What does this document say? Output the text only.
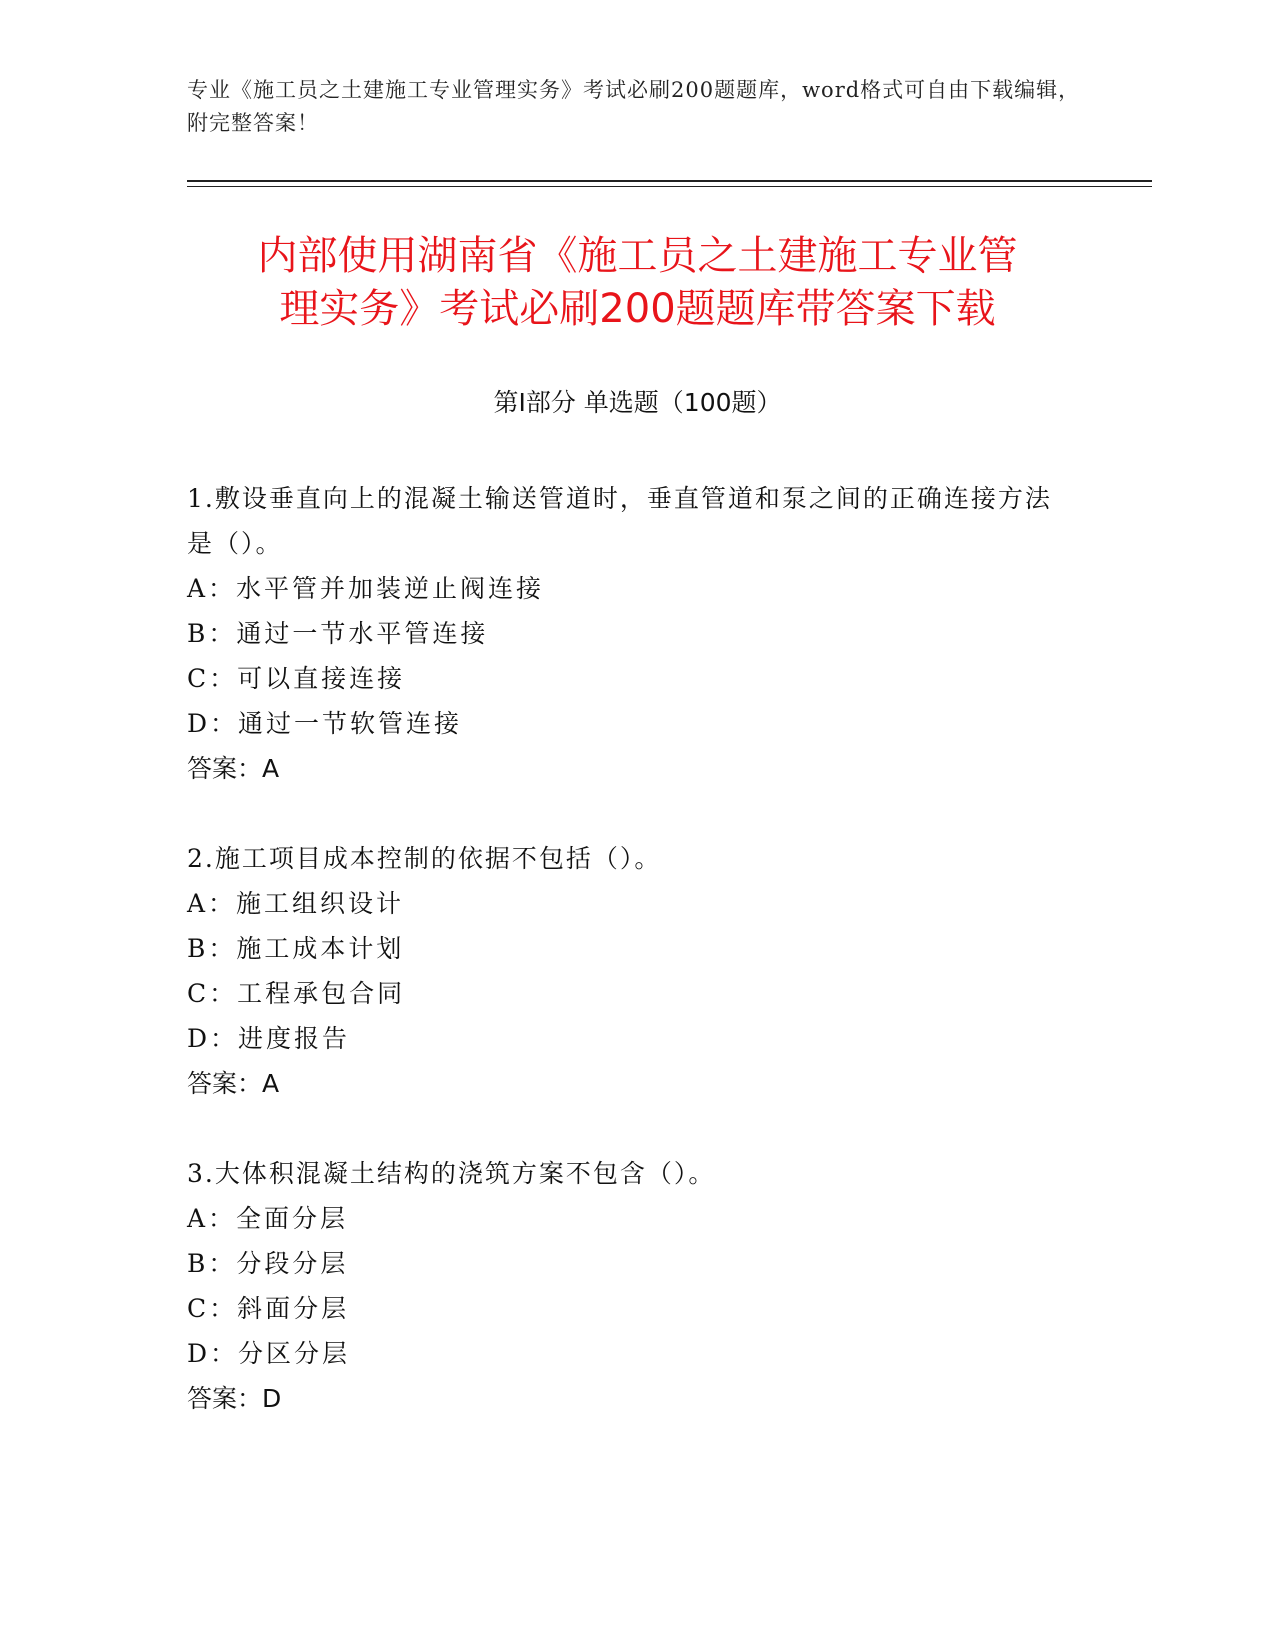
专业《施工员之土建施工专业管理实务》考试必刷200题题库，word格式可自由下载编辑，附完整答案！
内部使用湖南省《施工员之土建施工专业管
理实务》考试必刷200题题库带答案下载
第Ⅰ部分 单选题（100题）

1.敷设垂直向上的混凝土输送管道时，垂直管道和泵之间的正确连接方法是（）。

A：水平管并加装逆止阀连接

B：通过一节水平管连接

C：可以直接连接

D：通过一节软管连接

答案：A

2.施工项目成本控制的依据不包括（）。

A：施工组织设计

B：施工成本计划

C：工程承包合同

D：进度报告

答案：A

3.大体积混凝土结构的浇筑方案不包含（）。

A：全面分层

B：分段分层

C：斜面分层

D：分区分层

答案：D
